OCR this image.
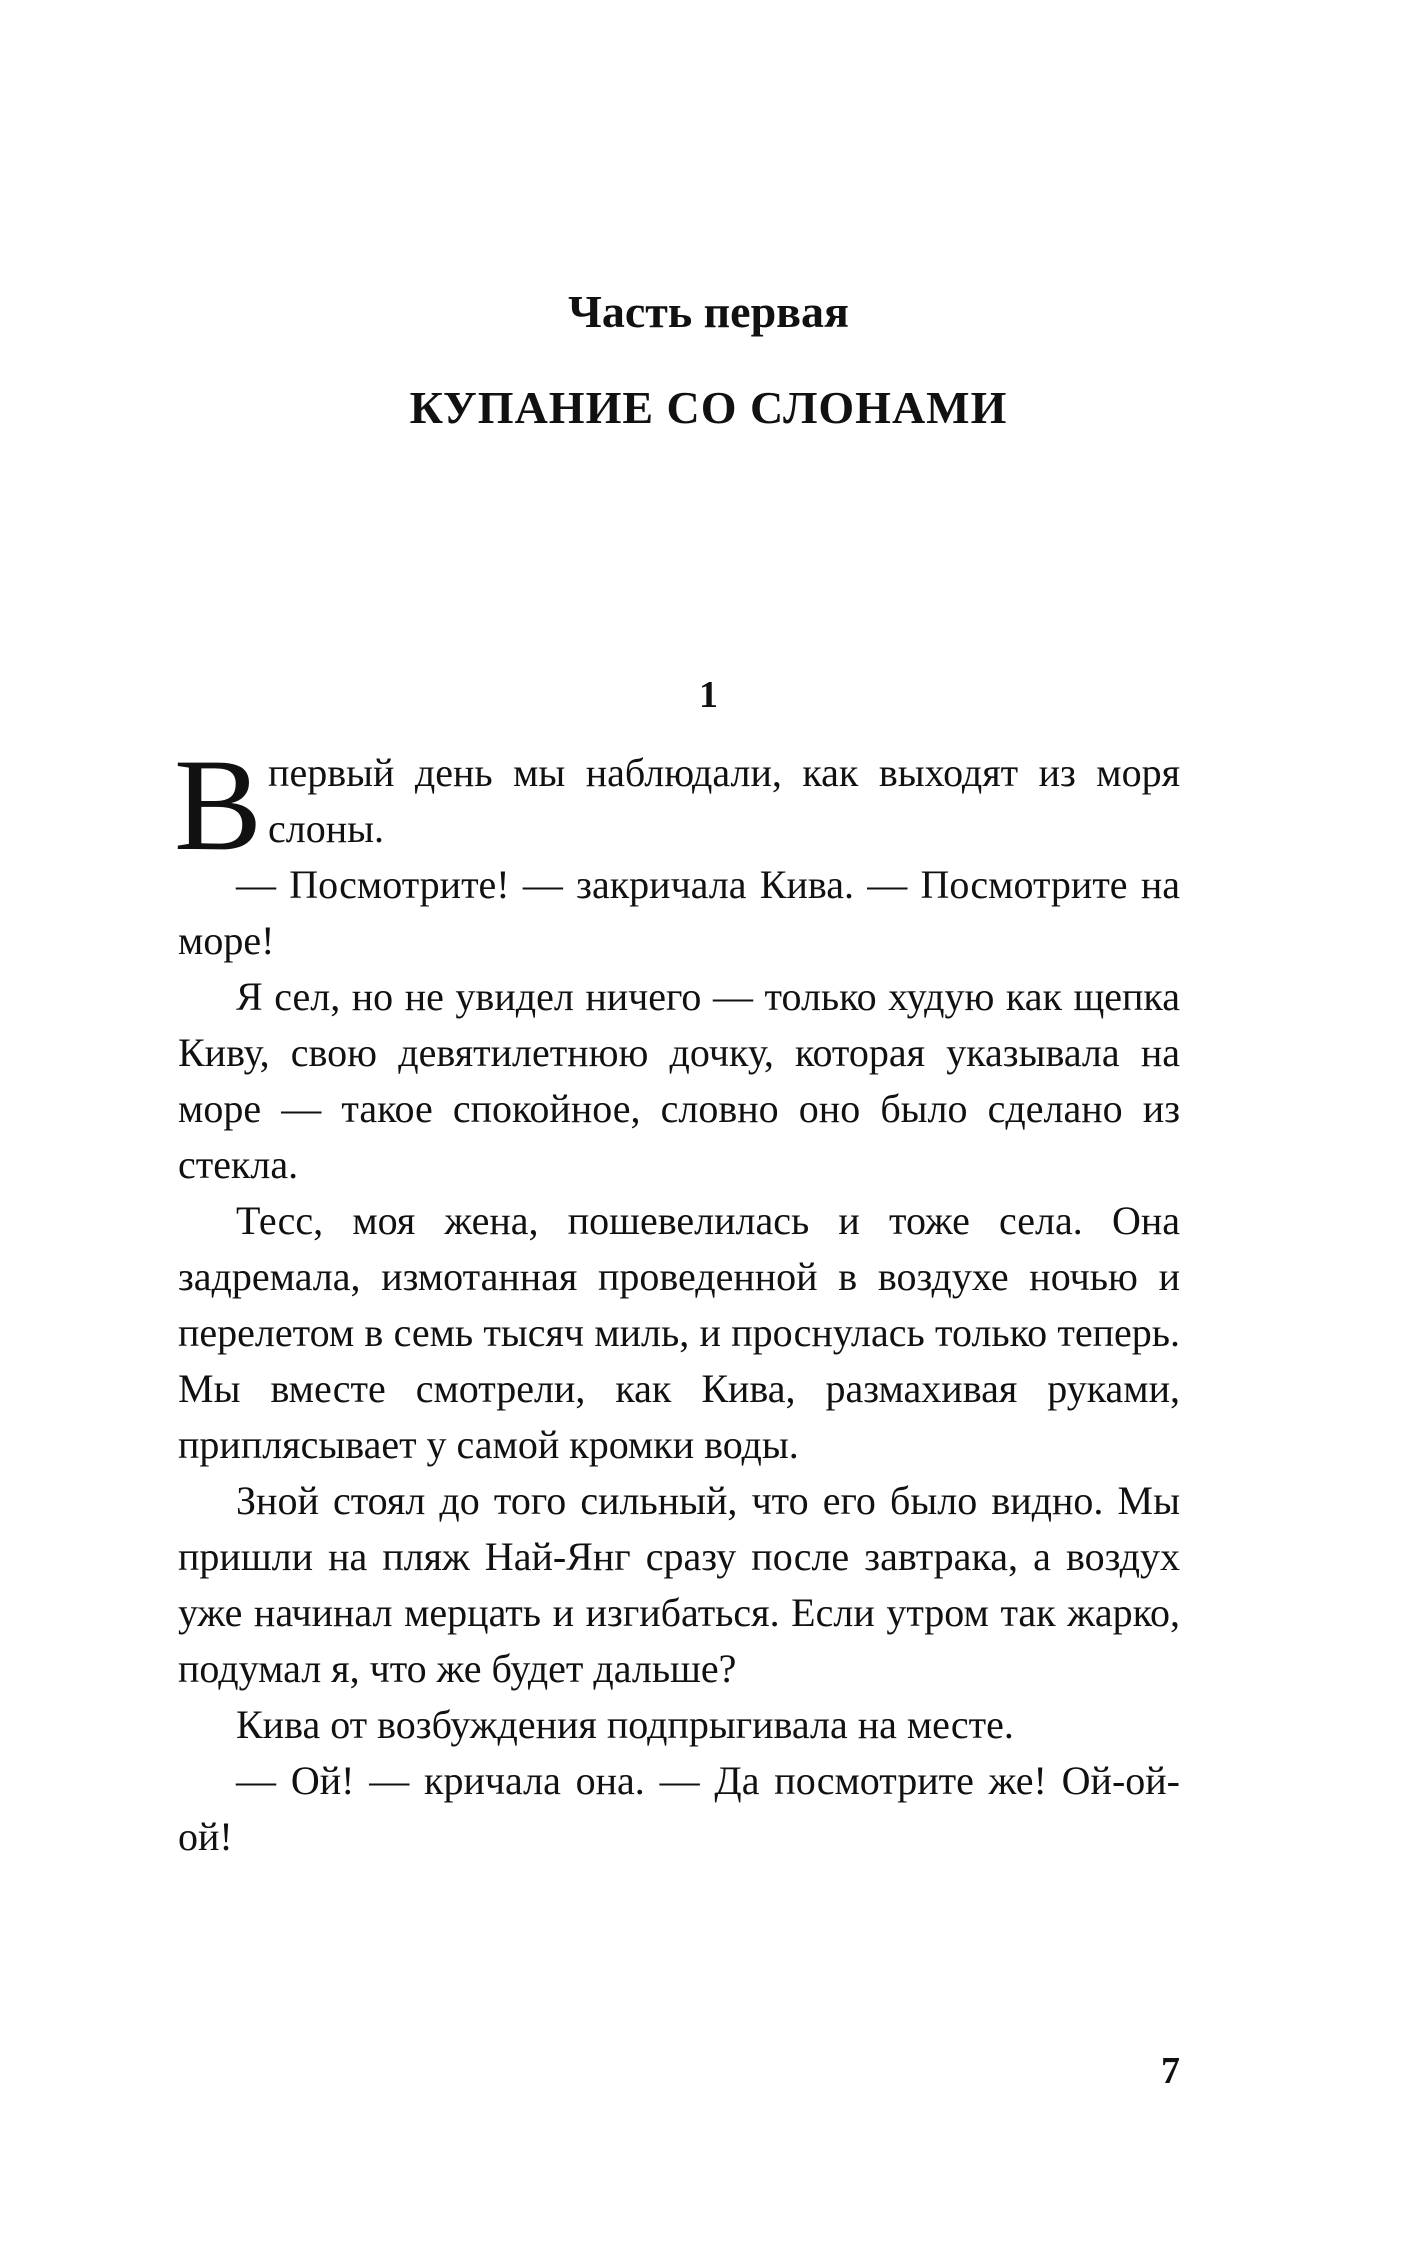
Часть первая
КУПАНИЕ СО СЛОНАМИ
1

В первый день мы наблюдали, как выходят из моря слоны.

— Посмотрите! — закричала Кива. — Посмотрите на море!

Я сел, но не увидел ничего — только худую как щепка Киву, свою девятилетнюю дочку, которая указывала на море — такое спокойное, словно оно было сделано из стекла.

Тесс, моя жена, пошевелилась и тоже села. Она задремала, измотанная проведенной в воздухе ночью и перелетом в семь тысяч миль, и проснулась только теперь. Мы вместе смотрели, как Кива, размахивая руками, приплясывает у самой кромки воды.

Зной стоял до того сильный, что его было видно. Мы пришли на пляж Най-Янг сразу после завтрака, а воздух уже начинал мерцать и изгибаться. Если утром так жарко, подумал я, что же будет дальше?

Кива от возбуждения подпрыгивала на месте.

— Ой! — кричала она. — Да посмотрите же! Ой-ой-ой!

7
